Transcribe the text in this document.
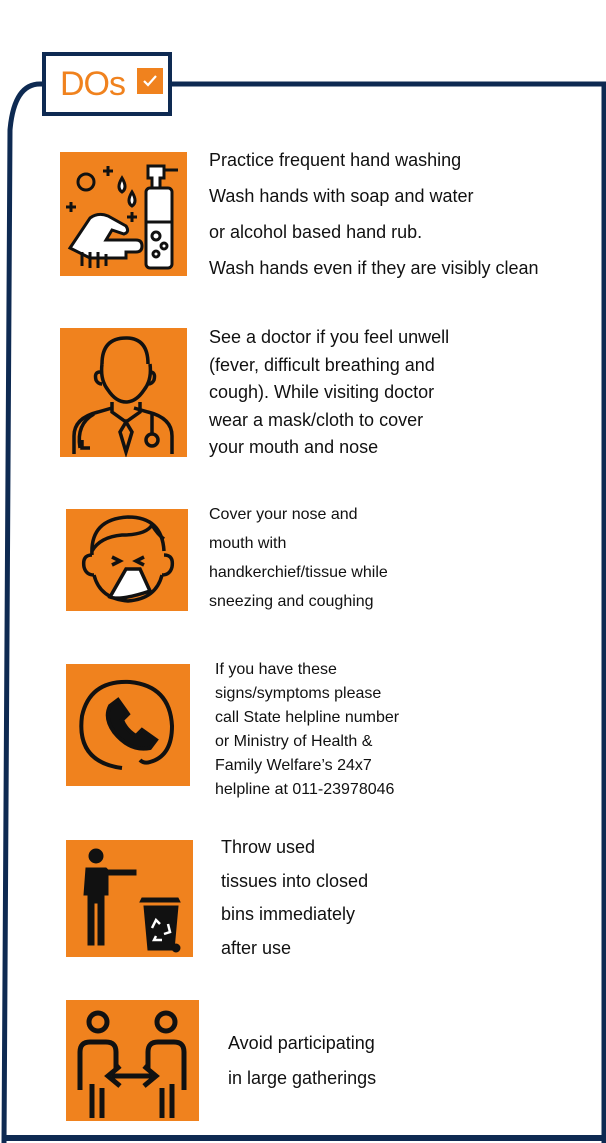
DOs
Practice frequent hand washing
Wash hands with soap and water
or alcohol based hand rub.
Wash hands even if they are visibly clean
See a doctor if you feel unwell
(fever, difficult breathing and
cough). While visiting doctor
wear a mask/cloth to cover
your mouth and nose
Cover your nose and
mouth with
handkerchief/tissue while
sneezing and coughing
If you have these
signs/symptoms please
call State helpline number
or Ministry of Health &
Family Welfare’s 24x7
helpline at 011-23978046
Throw used
tissues into closed
bins immediately
after use
Avoid participating
in large gatherings
